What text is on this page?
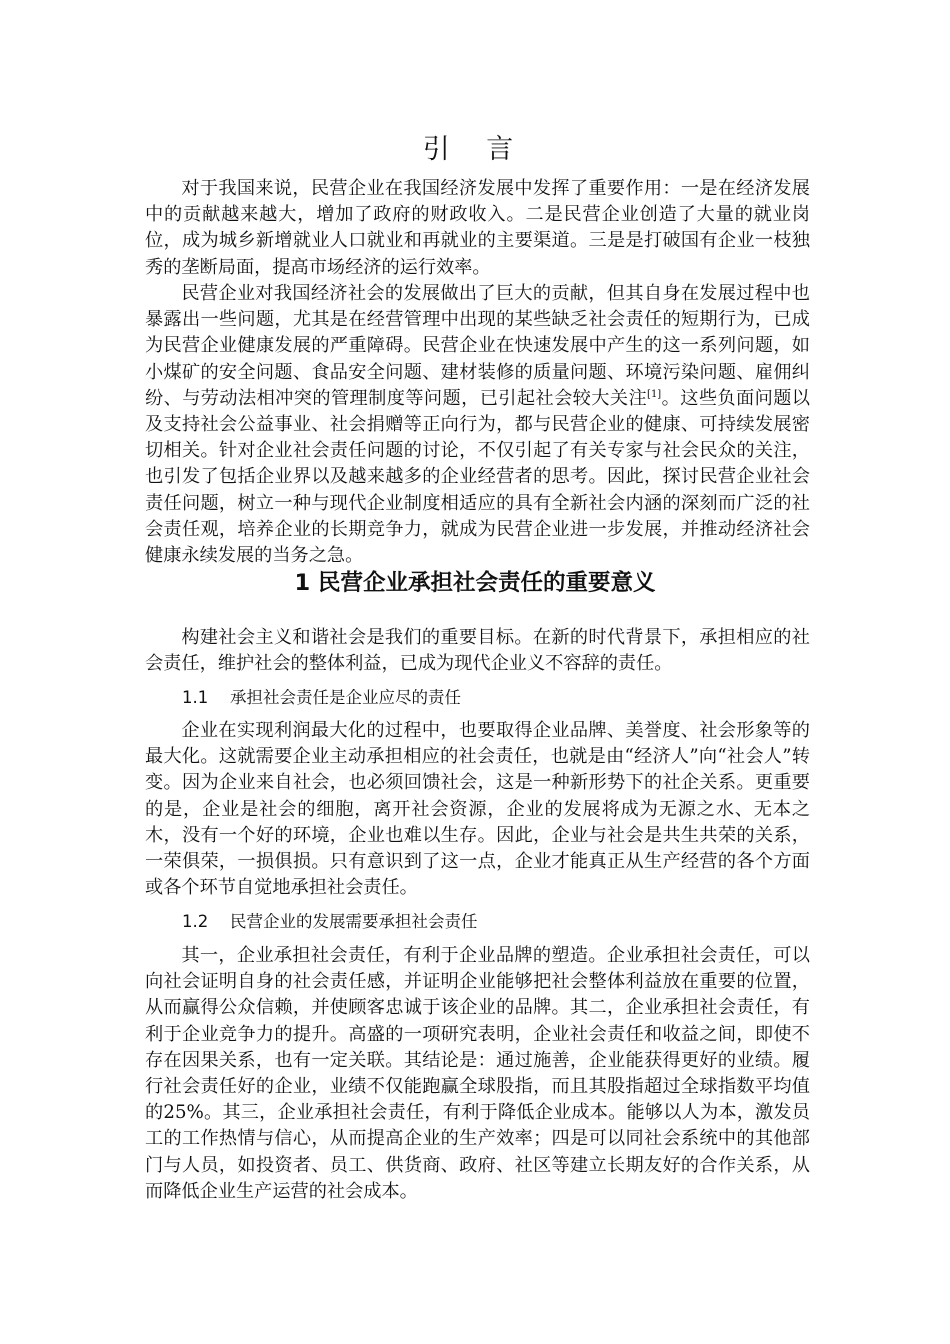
引 言

对于我国来说，民营企业在我国经济发展中发挥了重要作用：一是在经济发展中的贡献越来越大，增加了政府的财政收入。二是民营企业创造了大量的就业岗位，成为城乡新增就业人口就业和再就业的主要渠道。三是是打破国有企业一枝独秀的垄断局面，提高市场经济的运行效率。

民营企业对我国经济社会的发展做出了巨大的贡献，但其自身在发展过程中也暴露出一些问题，尤其是在经营管理中出现的某些缺乏社会责任的短期行为，已成为民营企业健康发展的严重障碍。民营企业在快速发展中产生的这一系列问题，如小煤矿的安全问题、食品安全问题、建材装修的质量问题、环境污染问题、雇佣纠纷、与劳动法相冲突的管理制度等问题，已引起社会较大关注[1]。这些负面问题以及支持社会公益事业、社会捐赠等正向行为，都与民营企业的健康、可持续发展密切相关。针对企业社会责任问题的讨论，不仅引起了有关专家与社会民众的关注，也引发了包括企业界以及越来越多的企业经营者的思考。因此，探讨民营企业社会责任问题，树立一种与现代企业制度相适应的具有全新社会内涵的深刻而广泛的社会责任观，培养企业的长期竞争力，就成为民营企业进一步发展，并推动经济社会健康永续发展的当务之急。

1 民营企业承担社会责任的重要意义

构建社会主义和谐社会是我们的重要目标。在新的时代背景下，承担相应的社会责任，维护社会的整体利益，已成为现代企业义不容辞的责任。

1.1 承担社会责任是企业应尽的责任

企业在实现利润最大化的过程中，也要取得企业品牌、美誉度、社会形象等的最大化。这就需要企业主动承担相应的社会责任，也就是由“经济人”向“社会人”转变。因为企业来自社会，也必须回馈社会，这是一种新形势下的社企关系。更重要的是，企业是社会的细胞，离开社会资源，企业的发展将成为无源之水、无本之木，没有一个好的环境，企业也难以生存。因此，企业与社会是共生共荣的关系，一荣俱荣，一损俱损。只有意识到了这一点，企业才能真正从生产经营的各个方面或各个环节自觉地承担社会责任。

1.2 民营企业的发展需要承担社会责任

其一，企业承担社会责任，有利于企业品牌的塑造。企业承担社会责任，可以向社会证明自身的社会责任感，并证明企业能够把社会整体利益放在重要的位置，从而赢得公众信赖，并使顾客忠诚于该企业的品牌。其二，企业承担社会责任，有利于企业竞争力的提升。高盛的一项研究表明，企业社会责任和收益之间，即使不存在因果关系，也有一定关联。其结论是：通过施善，企业能获得更好的业绩。履行社会责任好的企业，业绩不仅能跑赢全球股指，而且其股指超过全球指数平均值的25%。其三，企业承担社会责任，有利于降低企业成本。能够以人为本，激发员工的工作热情与信心，从而提高企业的生产效率；四是可以同社会系统中的其他部门与人员，如投资者、员工、供货商、政府、社区等建立长期友好的合作关系，从而降低企业生产运营的社会成本。
